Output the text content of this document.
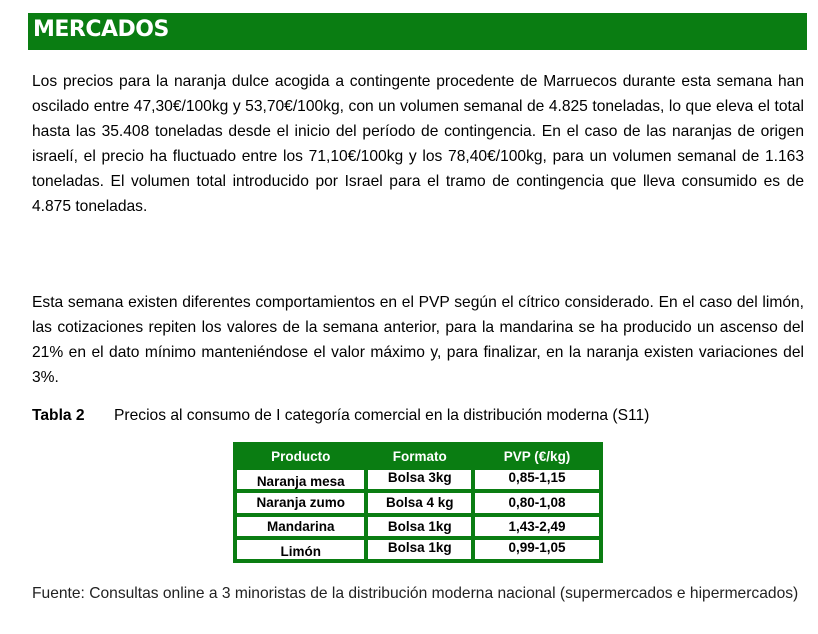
MERCADOS

Los precios para la naranja dulce acogida a contingente procedente de Marruecos durante esta semana han oscilado entre 47,30€/100kg y 53,70€/100kg, con un volumen semanal de 4.825 toneladas, lo que eleva el total hasta las 35.408 toneladas desde el inicio del período de contingencia. En el caso de las naranjas de origen israelí, el precio ha fluctuado entre los 71,10€/100kg y los 78,40€/100kg, para un volumen semanal de 1.163 toneladas. El volumen total introducido por Israel para el tramo de contingencia que lleva consumido es de 4.875 toneladas.

Esta semana existen diferentes comportamientos en el PVP según el cítrico considerado. En el caso del limón, las cotizaciones repiten los valores de la semana anterior, para la mandarina se ha producido un ascenso del 21% en el dato mínimo manteniéndose el valor máximo y, para finalizar, en la naranja existen variaciones del 3%.

Tabla 2 Precios al consumo de I categoría comercial en la distribución moderna (S11)
Producto	Formato	PVP (€/kg)
Naranja mesa	Bolsa 3kg	0,85-1,15
Naranja zumo	Bolsa 4 kg	0,80-1,08
Mandarina	Bolsa 1kg	1,43-2,49
Limón	Bolsa 1kg	0,99-1,05

Fuente: Consultas online a 3 minoristas de la distribución moderna nacional (supermercados e hipermercados)
